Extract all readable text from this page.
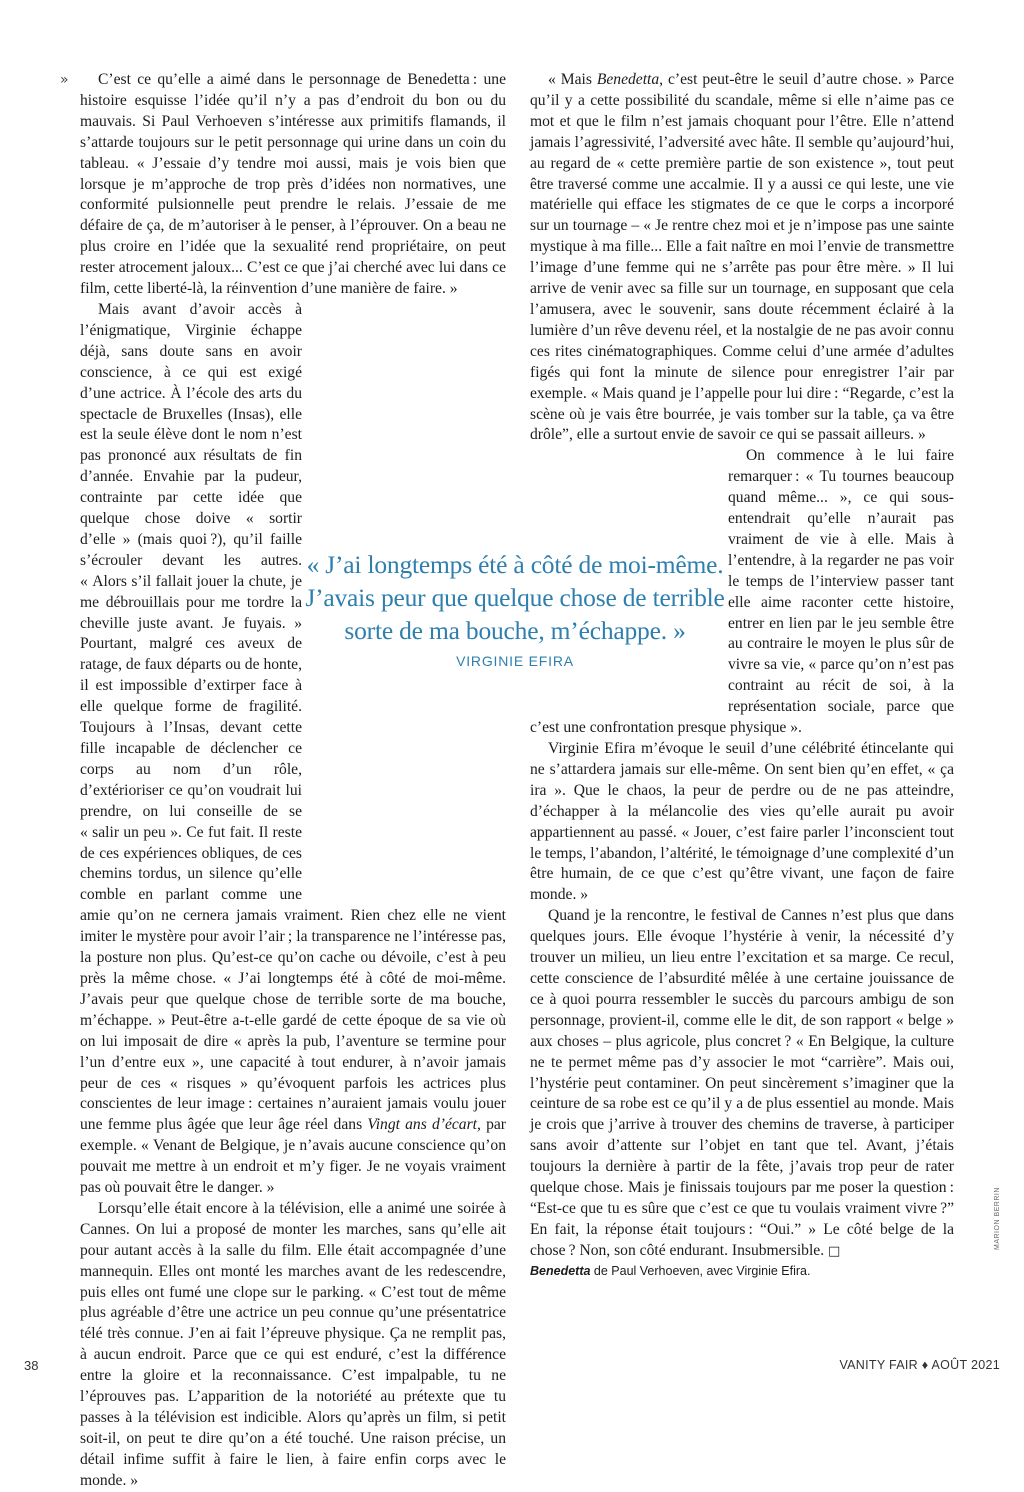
»	C’est ce qu’elle a aimé dans le personnage de Benedetta : une histoire esquisse l’idée qu’il n’y a pas d’endroit du bon ou du mauvais. Si Paul Verhoeven s’intéresse aux primitifs flamands, il s’attarde toujours sur le petit personnage qui urine dans un coin du tableau. « J’essaie d’y tendre moi aussi, mais je vois bien que lorsque je m’approche de trop près d’idées non normatives, une conformité pulsionnelle peut prendre le relais. J’essaie de me défaire de ça, de m’autoriser à le penser, à l’éprouver. On a beau ne plus croire en l’idée que la sexualité rend propriétaire, on peut rester atrocement jaloux... C’est ce que j’ai cherché avec lui dans ce film, cette liberté-là, la réinvention d’une manière de faire. »

Mais avant d’avoir accès à l’énigmatique, Virginie échappe déjà, sans doute sans en avoir conscience, à ce qui est exigé d’une actrice. À l’école des arts du spectacle de Bruxelles (Insas), elle est la seule élève dont le nom n’est pas prononcé aux résultats de fin d’année. Envahie par la pudeur, contrainte par cette idée que quelque chose doive « sortir d’elle » (mais quoi ?), qu’il faille s’écrouler devant les autres. « Alors s’il fallait jouer la chute, je me débrouillais pour me tordre la cheville juste avant. Je fuyais. » Pourtant, malgré ces aveux de ratage, de faux départs ou de honte, il est impossible d’extirper face à elle quelque forme de fragilité. Toujours à l’Insas, devant cette fille incapable de déclencher ce corps au nom d’un rôle, d’extérioriser ce qu’on voudrait lui prendre, on lui conseille de se « salir un peu ». Ce fut fait. Il reste de ces expériences obliques, de ces chemins tordus, un silence qu’elle comble en parlant comme une amie qu’on ne cernera jamais vraiment. Rien chez elle ne vient imiter le mystère pour avoir l’air ; la transparence ne l’intéresse pas, la posture non plus. Qu’est-ce qu’on cache ou dévoile, c’est à peu près la même chose. « J’ai longtemps été à côté de moi-même. J’avais peur que quelque chose de terrible sorte de ma bouche, m’échappe. » Peut-être a-t-elle gardé de cette époque de sa vie où on lui imposait de dire « après la pub, l’aventure se termine pour l’un d’entre eux », une capacité à tout endurer, à n’avoir jamais peur de ces « risques » qu’évoquent parfois les actrices plus conscientes de leur image : certaines n’auraient jamais voulu jouer une femme plus âgée que leur âge réel dans Vingt ans d’écart, par exemple. « Venant de Belgique, je n’avais aucune conscience qu’on pouvait me mettre à un endroit et m’y figer. Je ne voyais vraiment pas où pouvait être le danger. »

Lorsqu’elle était encore à la télévision, elle a animé une soirée à Cannes. On lui a proposé de monter les marches, sans qu’elle ait pour autant accès à la salle du film. Elle était accompagnée d’une mannequin. Elles ont monté les marches avant de les redescendre, puis elles ont fumé une clope sur le parking. « C’est tout de même plus agréable d’être une actrice un peu connue qu’une présentatrice télé très connue. J’en ai fait l’épreuve physique. Ça ne remplit pas, à aucun endroit. Parce que ce qui est enduré, c’est la différence entre la gloire et la reconnaissance. C’est impalpable, tu ne l’éprouves pas. L’apparition de la notoriété au prétexte que tu passes à la télévision est indicible. Alors qu’après un film, si petit soit-il, on peut te dire qu’on a été touché. Une raison précise, un détail infime suffit à faire le lien, à faire enfin corps avec le monde. »

« Mais Benedetta, c’est peut-être le seuil d’autre chose. » Parce qu’il y a cette possibilité du scandale, même si elle n’aime pas ce mot et que le film n’est jamais choquant pour l’être. Elle n’attend jamais l’agressivité, l’adversité avec hâte. Il semble qu’aujourd’hui, au regard de « cette première partie de son existence », tout peut être traversé comme une accalmie. Il y a aussi ce qui leste, une vie matérielle qui efface les stigmates de ce que le corps a incorporé sur un tournage – « Je rentre chez moi et je n’impose pas une sainte mystique à ma fille... Elle a fait naître en moi l’envie de transmettre l’image d’une femme qui ne s’arrête pas pour être mère. » Il lui arrive de venir avec sa fille sur un tournage, en supposant que cela l’amusera, avec le souvenir, sans doute récemment éclairé à la lumière d’un rêve devenu réel, et la nostalgie de ne pas avoir connu ces rites cinématographiques. Comme celui d’une armée d’adultes figés qui font la minute de silence pour enregistrer l’air par exemple. « Mais quand je l’appelle pour lui dire : “Regarde, c’est la scène où je vais être bourrée, je vais tomber sur la table, ça va être drôle”, elle a surtout envie de savoir ce qui se passait ailleurs. »

On commence à le lui faire remarquer : « Tu tournes beaucoup quand même... », ce qui sous-entendrait qu’elle n’aurait pas vraiment de vie à elle. Mais à l’entendre, à la regarder ne pas voir le temps de l’interview passer tant elle aime raconter cette histoire, entrer en lien par le jeu semble être au contraire le moyen le plus sûr de vivre sa vie, « parce qu’on n’est pas contraint au récit de soi, à la représentation sociale, parce que c’est une confrontation presque physique ».

Virginie Efira m’évoque le seuil d’une célébrité étincelante qui ne s’attardera jamais sur elle-même. On sent bien qu’en effet, « ça ira ». Que le chaos, la peur de perdre ou de ne pas atteindre, d’échapper à la mélancolie des vies qu’elle aurait pu avoir appartiennent au passé. « Jouer, c’est faire parler l’inconscient tout le temps, l’abandon, l’altérité, le témoignage d’une complexité d’un être humain, de ce que c’est qu’être vivant, une façon de faire monde. »

Quand je la rencontre, le festival de Cannes n’est plus que dans quelques jours. Elle évoque l’hystérie à venir, la nécessité d’y trouver un milieu, un lieu entre l’excitation et sa marge. Ce recul, cette conscience de l’absurdité mêlée à une certaine jouissance de ce à quoi pourra ressembler le succès du parcours ambigu de son personnage, provient-il, comme elle le dit, de son rapport « belge » aux choses – plus agricole, plus concret ? « En Belgique, la culture ne te permet même pas d’y associer le mot “carrière”. Mais oui, l’hystérie peut contaminer. On peut sincèrement s’imaginer que la ceinture de sa robe est ce qu’il y a de plus essentiel au monde. Mais je crois que j’arrive à trouver des chemins de traverse, à participer sans avoir d’attente sur l’objet en tant que tel. Avant, j’étais toujours la dernière à partir de la fête, j’avais trop peur de rater quelque chose. Mais je finissais toujours par me poser la question : “Est-ce que tu es sûre que c’est ce que tu voulais vraiment vivre ?” En fait, la réponse était toujours : “Oui.” » Le côté belge de la chose ? Non, son côté endurant. Insubmersible. □

Benedetta de Paul Verhoeven, avec Virginie Efira.

« J’ai longtemps été à côté de moi-même. J’avais peur que quelque chose de terrible sorte de ma bouche, m’échappe. »
VIRGINIE EFIRA
MARION BERRIN
38	VANITY FAIR ♦ AOÛT 2021
